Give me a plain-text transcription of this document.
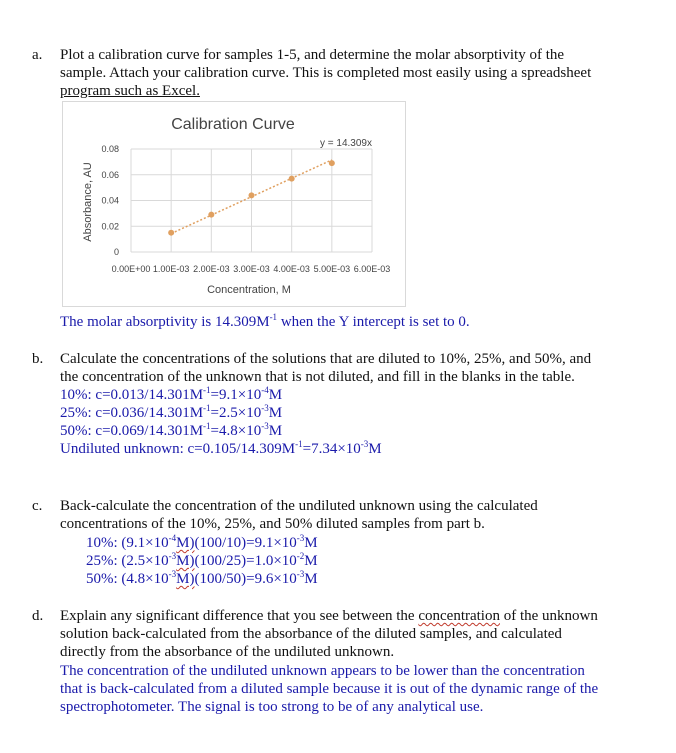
a.	Plot a calibration curve for samples 1-5, and determine the molar absorptivity of the
sample. Attach your calibration curve. This is completed most easily using a spreadsheet
program such as Excel.
Calibration Curve
y = 14.309x
Absorbance, AU
Concentration, M
0
0.02
0.04
0.06
0.08
0.00E+00 1.00E-03 2.00E-03 3.00E-03 4.00E-03 5.00E-03 6.00E-03
The molar absorptivity is $14.309M^{-1}$ when the Y intercept is set to 0.
b.	Calculate the concentrations of the solutions that are diluted to 10%, 25%, and 50%, and
the concentration of the unknown that is not diluted, and fill in the blanks in the table.
10%: $c=0.013/14.301M^{-1}=9.1\times 10^{-4}M$
25%: $c=0.036/14.301M^{-1}=2.5\times 10^{-3}M$
50%: $c=0.069/14.301M^{-1}=4.8\times 10^{-3}M$
Undiluted unknown: $c=0.105/14.309M^{-1}=7.34\times 10^{-3}M$
c.	Back-calculate the concentration of the undiluted unknown using the calculated
concentrations of the 10%, 25%, and 50% diluted samples from part b.
10%: $(9.1\times 10^{-4}M)(100/10)=9.1\times 10^{-3}M$
25%: $(2.5\times 10^{-3}M)(100/25)=1.0\times 10^{-2}M$
50%: $(4.8\times 10^{-3}M)(100/50)=9.6\times 10^{-3}M$
d.	Explain any significant difference that you see between the concentration of the unknown
solution back-calculated from the absorbance of the diluted samples, and calculated
directly from the absorbance of the undiluted unknown.
The concentration of the undiluted unknown appears to be lower than the concentration
that is back-calculated from a diluted sample because it is out of the dynamic range of the
spectrophotometer. The signal is too strong to be of any analytical use.
